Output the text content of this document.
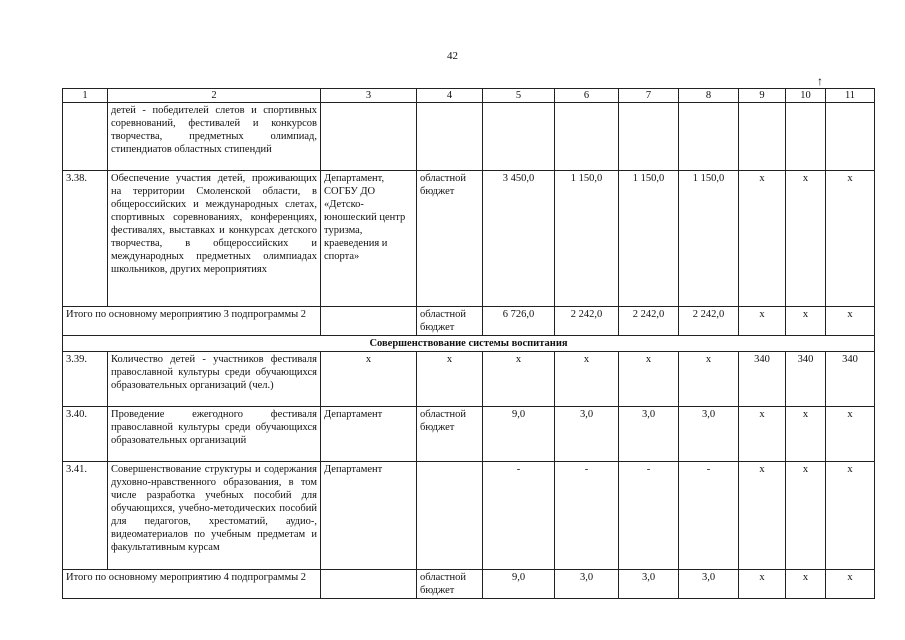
42
↑
1	2	3	4	5	6	7	8	9	10	11
	детей - победителей слетов и спортивных соревнований, фестивалей и конкурсов творчества, предметных олимпиад, стипендиатов областных стипендий									
3.38.	Обеспечение участия детей, проживающих на территории Смоленской области, в общероссийских и международных слетах, спортивных соревнованиях, конференциях, фестивалях, выставках и конкурсах детского творчества, в общероссийских и международных предметных олимпиадах школьников, других мероприятиях	Департамент, СОГБУ ДО «Детско-юношеский центр туризма, краеведения и спорта»	областной бюджет	3 450,0	1 150,0	1 150,0	1 150,0	х	х	х
Итого по основному мероприятию 3 подпрограммы 2			областной бюджет	6 726,0	2 242,0	2 242,0	2 242,0	х	х	х
Совершенствование системы воспитания										
3.39.	Количество детей - участников фестиваля православной культуры среди обучающихся образовательных организаций (чел.)	х	х	х	х	х	х	340	340	340
3.40.	Проведение ежегодного фестиваля православной культуры среди обучающихся образовательных организаций	Департамент	областной бюджет	9,0	3,0	3,0	3,0	х	х	х
3.41.	Совершенствование структуры и содержания духовно-нравственного образования, в том числе разработка учебных пособий для обучающихся, учебно-методических пособий для педагогов, хрестоматий, аудио-, видеоматериалов по учебным предметам и факультативным курсам	Департамент		-	-	-	-	х	х	х
Итого по основному мероприятию 4 подпрограммы 2			областной бюджет	9,0	3,0	3,0	3,0	х	х	х
